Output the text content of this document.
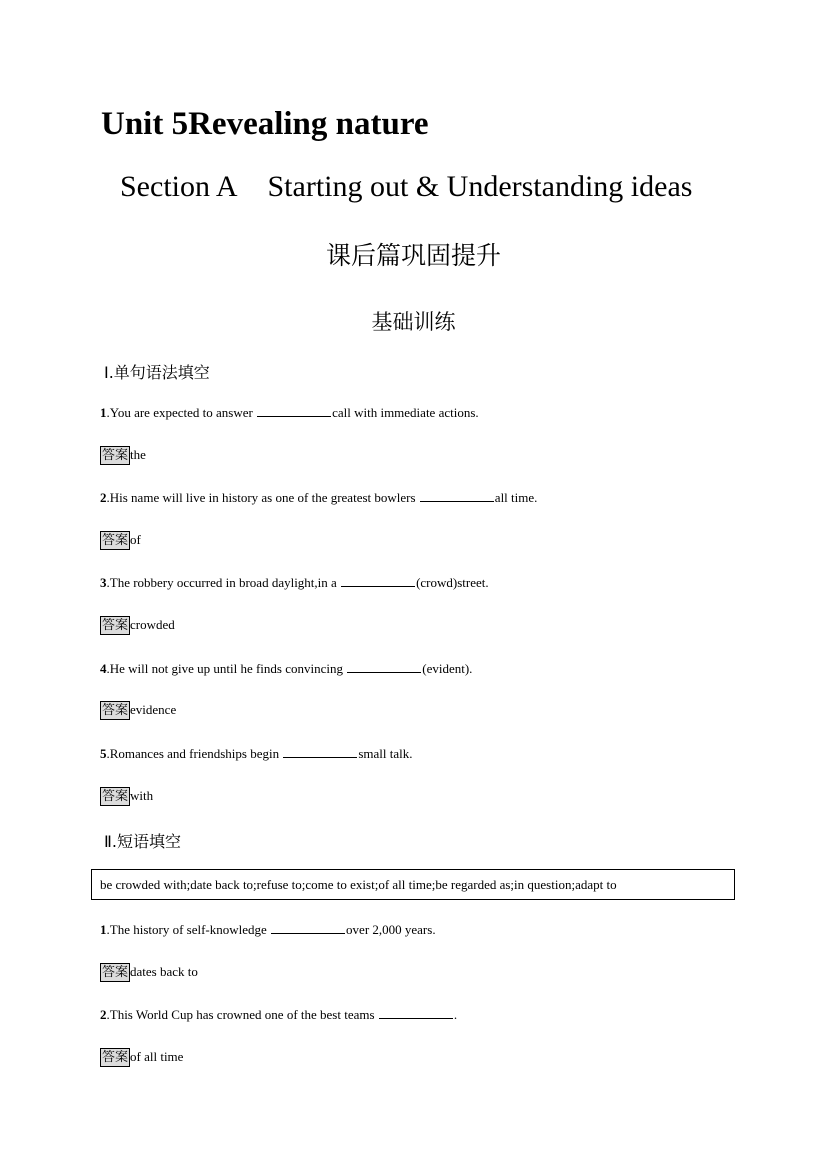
Unit 5Revealing nature
Section A Starting out & Understanding ideas
课后篇巩固提升
基础训练
Ⅰ.单句语法填空
1.You are expected to answer	call with immediate actions.
答案 the
2.His name will live in history as one of the greatest bowlers	all time.
答案 of
3.The robbery occurred in broad daylight,in a	(crowd)street.
答案 crowded
4.He will not give up until he finds convincing	(evident).
答案 evidence
5.Romances and friendships begin	small talk.
答案 with
Ⅱ.短语填空
be crowded with;date back to;refuse to;come to exist;of all time;be regarded as;in question;adapt to
1.The history of self-knowledge	over 2,000 years.
答案 dates back to
2.This World Cup has crowned one of the best teams	.
答案 of all time
